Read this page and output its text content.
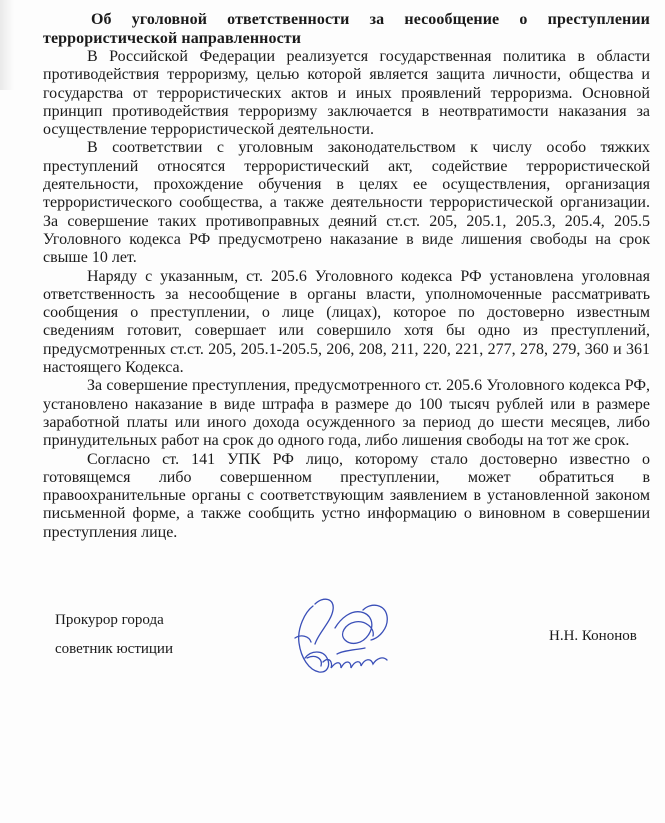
Об уголовной ответственности за несообщение о преступлении
террористической направленности

В Российской Федерации реализуется государственная политика в области противодействия терроризму, целью которой является защита личности, общества и государства от террористических актов и иных проявлений терроризма. Основной принцип противодействия терроризму заключается в неотвратимости наказания за осуществление террористической деятельности.

В соответствии с уголовным законодательством к числу особо тяжких преступлений относятся террористический акт, содействие террористической деятельности, прохождение обучения в целях ее осуществления, организация террористического сообщества, а также деятельности террористической организации. За совершение таких противоправных деяний ст.ст. 205, 205.1, 205.3, 205.4, 205.5 Уголовного кодекса РФ предусмотрено наказание в виде лишения свободы на срок свыше 10 лет.

Наряду с указанным, ст. 205.6 Уголовного кодекса РФ установлена уголовная ответственность за несообщение в органы власти, уполномоченные рассматривать сообщения о преступлении, о лице (лицах), которое по достоверно известным сведениям готовит, совершает или совершило хотя бы одно из преступлений, предусмотренных ст.ст. 205, 205.1-205.5, 206, 208, 211, 220, 221, 277, 278, 279, 360 и 361 настоящего Кодекса.

За совершение преступления, предусмотренного ст. 205.6 Уголовного кодекса РФ, установлено наказание в виде штрафа в размере до 100 тысяч рублей или в размере заработной платы или иного дохода осужденного за период до шести месяцев, либо принудительных работ на срок до одного года, либо лишения свободы на тот же срок.

Согласно ст. 141 УПК РФ лицо, которому стало достоверно известно о готовящемся либо совершенном преступлении, может обратиться в правоохранительные органы с соответствующим заявлением в установленной законом письменной форме, а также сообщить устно информацию о виновном в совершении преступления лице.

Прокурор города
советник юстиции
Н.Н. Кононов
